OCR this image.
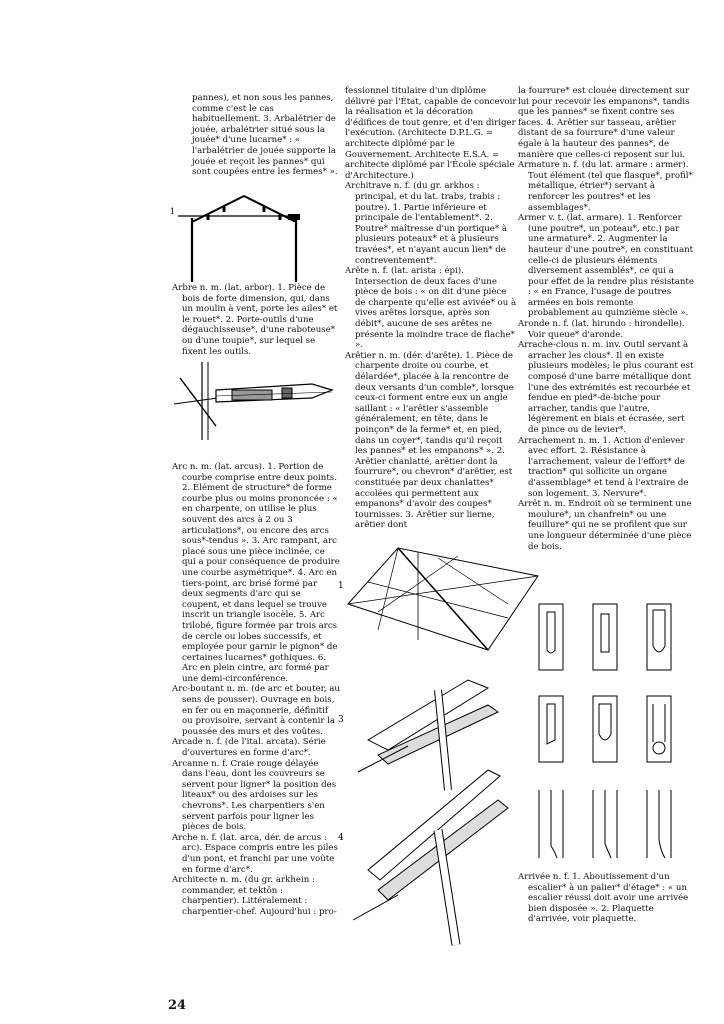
pannes), et non sous les pannes, comme c'est le cas habituellement. 3. Arbalétrier de jouée, arbalétrier situé sous la jouée* d'une lucarne* : « l'arbalétrier de jouée supporte la jouée et reçoit les pannes* qui sont coupées entre les fermes* ».

1

Arbre n. m. (lat. arbor). 1. Pièce de bois de forte dimension, qui, dans un moulin à vent, porte les ailes* et le rouet*. 2. Porte-outils d'une dégauchisseuse*, d'une raboteuse* ou d'une toupie*, sur lequel se fixent les outils.

Arc n. m. (lat. arcus). 1. Portion de courbe comprise entre deux points. 2. Élément de structure* de forme courbe plus ou moins prononcée : « en charpente, on utilise le plus souvent des arcs à 2 ou 3 articulations*, ou encore des arcs sous*-tendus ». 3. Arc rampant, arc placé sous une pièce inclinée, ce qui a pour conséquence de produire une courbe asymétrique*. 4. Arc en tiers-point, arc brisé formé par deux segments d'arc qui se coupent, et dans lequel se trouve inscrit un triangle isocèle. 5. Arc trilobé, figure formée par trois arcs de cercle ou lobes successifs, et employée pour garnir le pignon* de certaines lucarnes* gothiques. 6. Arc en plein cintre, arc formé par une demi-circonférence.

Arc-boutant n. m. (de arc et bouter, au sens de pousser). Ouvrage en bois, en fer ou en maçonnerie, définitif ou provisoire, servant à contenir la poussée des murs et des voûtes.

Arcade n. f. (de l'ital. arcata). Série d'ouvertures en forme d'arc*.

Arcanne n. f. Craie rouge délayée dans l'eau, dont les couvreurs se servent pour ligner* la position des liteaux* ou des ardoises sur les chevrons*. Les charpentiers s'en servent parfois pour ligner les pièces de bois.

Arche n. f. (lat. arca, dér. de arcus : arc). Espace compris entre les piles d'un pont, et franchi par une voûte en forme d'arc*.

Architecte n. m. (du gr. arkhein : commander, et tektôn : charpentier). Littéralement : charpentier-chef. Aujourd'hui : pro-

fessionnel titulaire d'un diplôme délivré par l'État, capable de concevoir la réalisation et la décoration d'édifices de tout genre, et d'en diriger l'exécution. (Architecte D.P.L.G. = architecte diplômé par le Gouvernement. Architecte E.S.A. = architecte diplômé par l'École spéciale d'Architecture.)

Architrave n. f. (du gr. arkhos : principal, et du lat. trabs, trabis : poutre). 1. Partie inférieure et principale de l'entablement*. 2. Poutre* maîtresse d'un portique* à plusieurs poteaux* et à plusieurs travées*, et n'ayant aucun lien* de contreventement*.

Arête n. f. (lat. arista : épi). Intersection de deux faces d'une pièce de bois : « on dit d'une pièce de charpente qu'elle est avivée* ou à vives arêtes lorsque, après son débit*, aucune de ses arêtes ne présente la moindre trace de flache* ».

Arêtier n. m. (dér. d'arête). 1. Pièce de charpente droite ou courbe, et délardée*, placée à la rencontre de deux versants d'un comble*, lorsque ceux-ci forment entre eux un angle saillant : « l'arêtier s'assemble généralement, en tête, dans le poinçon* de la ferme* et, en pied, dans un coyer*, tandis qu'il reçoit les pannes* et les empanons* ». 2. Arêtier chanlatté, arêtier dont la fourrure*, ou chevron* d'arêtier, est constituée par deux chanlattes* accolées qui permettent aux empanons* d'avoir des coupes* tournisses. 3. Arêtier sur lierne, arêtier dont

1
3
4

la fourrure* est clouée directement sur lui pour recevoir les empanons*, tandis que les pannes* se fixent contre ses faces. 4. Arêtier sur tasseau, arêtier distant de sa fourrure* d'une valeur égale à la hauteur des pannes*, de manière que celles-ci reposent sur lui.

Armature n. f. (du lat. armare : armer). Tout élément (tel que flasque*, profil* métallique, étrier*) servant à renforcer les poutres* et les assemblages*.

Armer v. t. (lat. armare). 1. Renforcer (une poutre*, un poteau*, etc.) par une armature*. 2. Augmenter la hauteur d'une poutre*, en constituant celle-ci de plusieurs éléments diversement assemblés*, ce qui a pour effet de la rendre plus résistante : « en France, l'usage de poutres armées en bois remonte probablement au quinzième siècle ».

Aronde n. f. (lat. hirundo : hirondelle). Voir queue* d'aronde.

Arrache-clous n. m. inv. Outil servant à arracher les clous*. Il en existe plusieurs modèles; le plus courant est composé d'une barre métallique dont l'une des extrémités est recourbée et fendue en pied*-de-biche pour arracher, tandis que l'autre, légèrement en biais et écrasée, sert de pince ou de levier*.

Arrachement n. m. 1. Action d'enlever avec effort. 2. Résistance à l'arrachement, valeur de l'effort* de traction* qui sollicite un organe d'assemblage* et tend à l'extraire de son logement. 3. Nervure*.

Arrêt n. m. Endroit où se terminent une moulure*, un chanfrein* ou une feuillure* qui ne se profilent que sur une longueur déterminée d'une pièce de bois.

Arrivée n. f. 1. Aboutissement d'un escalier* à un palier* d'étage* : « un escalier réussi doit avoir une arrivée bien disposée ». 2. Plaquette d'arrivée, voir plaquette.

24
